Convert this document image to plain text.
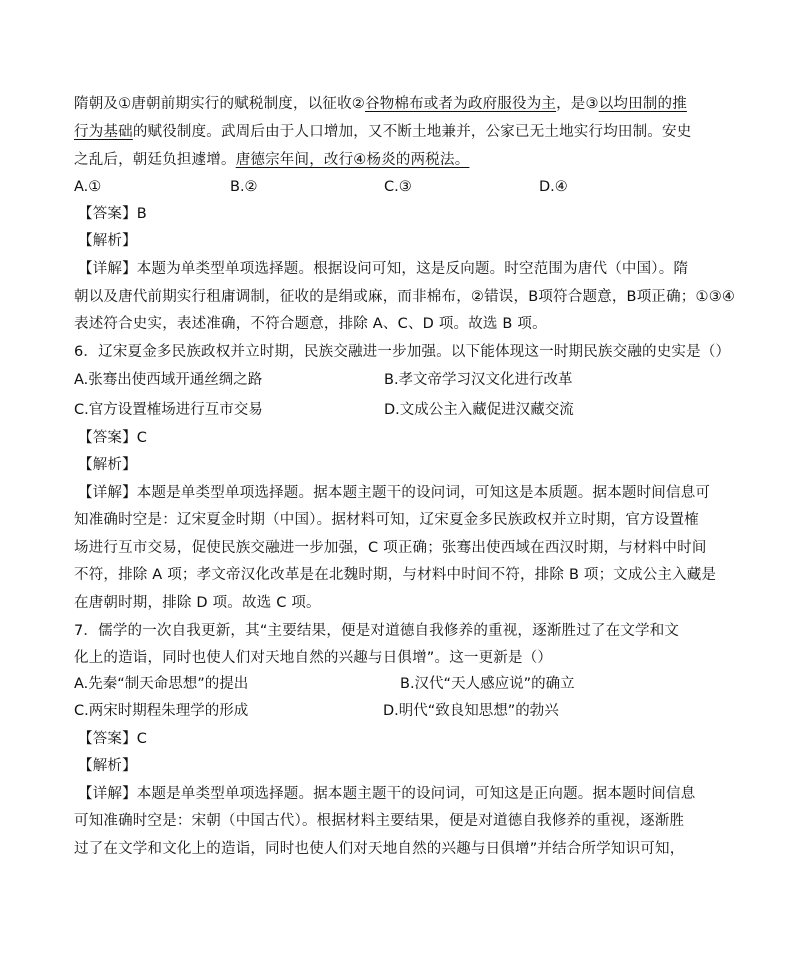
隋朝及①唐朝前期实行的赋税制度，以征收②谷物棉布或者为政府服役为主，是③以均田制的推
行为基础的赋役制度。武周后由于人口增加，又不断土地兼并，公家已无土地实行均田制。安史
之乱后，朝廷负担遽增。唐德宗年间，改行④杨炎的两税法。
A.①	B.②	C.③	D.④
【答案】B
【解析】
【详解】本题为单类型单项选择题。根据设问可知，这是反向题。时空范围为唐代（中国）。隋
朝以及唐代前期实行租庸调制，征收的是绢或麻，而非棉布，②错误，B项符合题意，B项正确；①③④
表述符合史实，表述准确，不符合题意，排除 A、C、D 项。故选 B 项。
6．辽宋夏金多民族政权并立时期，民族交融进一步加强。以下能体现这一时期民族交融的史实是（）
A.张骞出使西域开通丝绸之路	B.孝文帝学习汉文化进行改革
C.官方设置榷场进行互市交易	D.文成公主入藏促进汉藏交流
【答案】C
【解析】
【详解】本题是单类型单项选择题。据本题主题干的设问词，可知这是本质题。据本题时间信息可
知准确时空是：辽宋夏金时期（中国）。据材料可知，辽宋夏金多民族政权并立时期，官方设置榷
场进行互市交易，促使民族交融进一步加强，C 项正确；张骞出使西域在西汉时期，与材料中时间
不符，排除 A 项；孝文帝汉化改革是在北魏时期，与材料中时间不符，排除 B 项；文成公主入藏是
在唐朝时期，排除 D 项。故选 C 项。
7．儒学的一次自我更新，其“主要结果，便是对道德自我修养的重视，逐渐胜过了在文学和文
化上的造诣，同时也使人们对天地自然的兴趣与日俱增”。这一更新是（）
A.先秦“制天命思想”的提出	B.汉代“天人感应说”的确立
C.两宋时期程朱理学的形成	D.明代“致良知思想”的勃兴
【答案】C
【解析】
【详解】本题是单类型单项选择题。据本题主题干的设问词，可知这是正向题。据本题时间信息
可知准确时空是：宋朝（中国古代）。根据材料主要结果，便是对道德自我修养的重视，逐渐胜
过了在文学和文化上的造诣，同时也使人们对天地自然的兴趣与日俱增”并结合所学知识可知，
